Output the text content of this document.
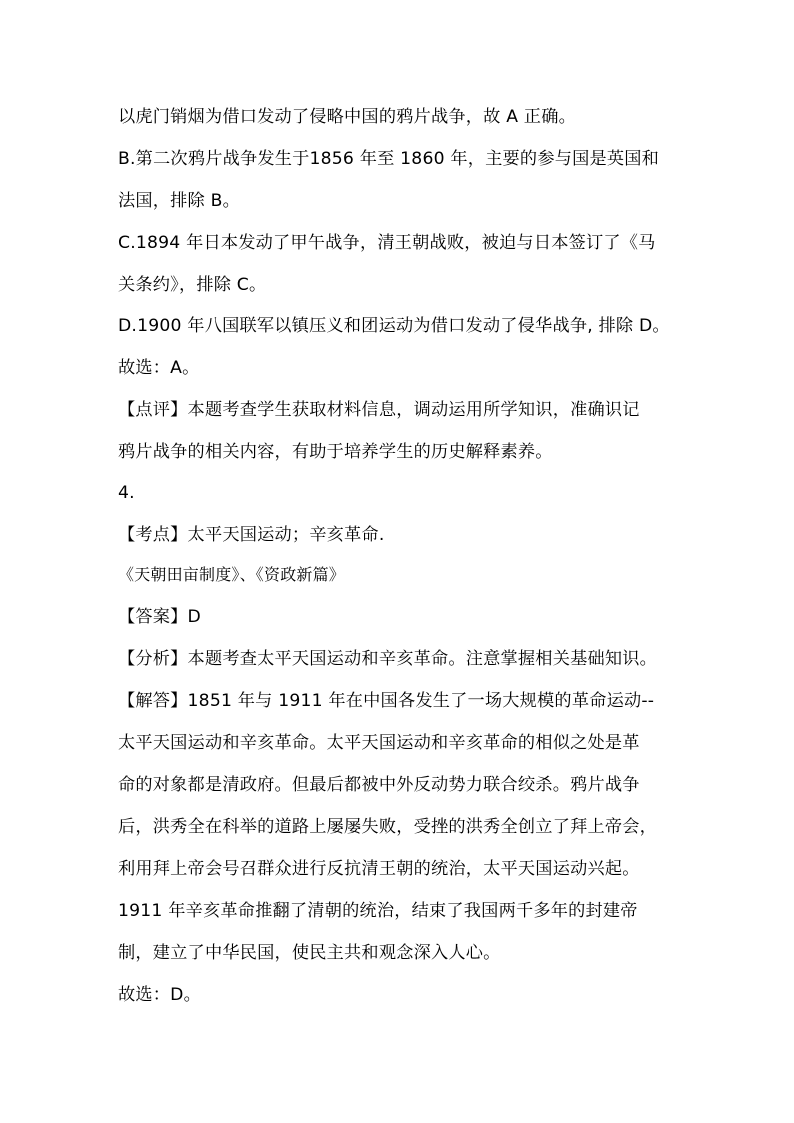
以虎门销烟为借口发动了侵略中国的鸦片战争，故 A 正确。
B.第二次鸦片战争发生于1856 年至 1860 年，主要的参与国是英国和
法国，排除 B。
C.1894 年日本发动了甲午战争，清王朝战败，被迫与日本签订了《马
关条约》，排除 C。
D.1900 年八国联军以镇压义和团运动为借口发动了侵华战争, 排除 D。
故选：A。
【点评】本题考查学生获取材料信息，调动运用所学知识，准确识记
鸦片战争的相关内容，有助于培养学生的历史解释素养。
4.
【考点】太平天国运动；辛亥革命.
《天朝田亩制度》、《资政新篇》
【答案】D
【分析】本题考查太平天国运动和辛亥革命。注意掌握相关基础知识。
【解答】1851 年与 1911 年在中国各发生了一场大规模的革命运动--
太平天国运动和辛亥革命。太平天国运动和辛亥革命的相似之处是革
命的对象都是清政府。但最后都被中外反动势力联合绞杀。鸦片战争
后，洪秀全在科举的道路上屡屡失败，受挫的洪秀全创立了拜上帝会，
利用拜上帝会号召群众进行反抗清王朝的统治，太平天国运动兴起。
1911 年辛亥革命推翻了清朝的统治，结束了我国两千多年的封建帝
制，建立了中华民国，使民主共和观念深入人心。
故选：D。
